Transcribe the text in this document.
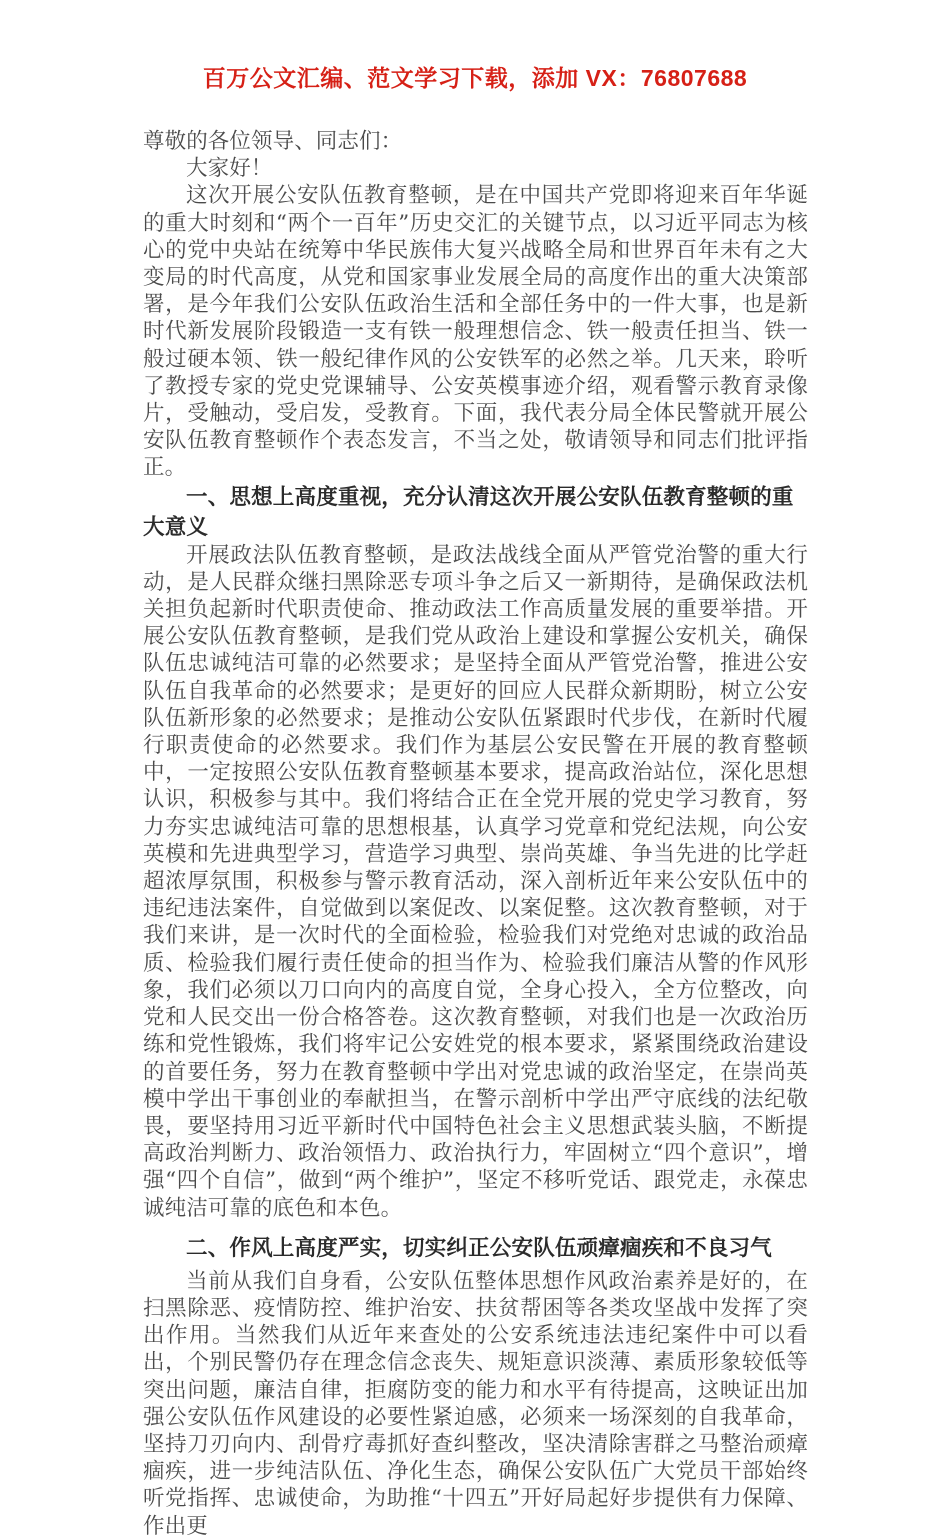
百万公文汇编、范文学习下载，添加 VX：76807688

尊敬的各位领导、同志们：

大家好！

这次开展公安队伍教育整顿，是在中国共产党即将迎来百年华诞的重大时刻和“两个一百年”历史交汇的关键节点，以习近平同志为核心的党中央站在统筹中华民族伟大复兴战略全局和世界百年未有之大变局的时代高度，从党和国家事业发展全局的高度作出的重大决策部署，是今年我们公安队伍政治生活和全部任务中的一件大事，也是新时代新发展阶段锻造一支有铁一般理想信念、铁一般责任担当、铁一般过硬本领、铁一般纪律作风的公安铁军的必然之举。几天来，聆听了教授专家的党史党课辅导、公安英模事迹介绍，观看警示教育录像片，受触动，受启发，受教育。下面，我代表分局全体民警就开展公安队伍教育整顿作个表态发言，不当之处，敬请领导和同志们批评指正。

一、思想上高度重视，充分认清这次开展公安队伍教育整顿的重大意义

开展政法队伍教育整顿，是政法战线全面从严管党治警的重大行动，是人民群众继扫黑除恶专项斗争之后又一新期待，是确保政法机关担负起新时代职责使命、推动政法工作高质量发展的重要举措。开展公安队伍教育整顿，是我们党从政治上建设和掌握公安机关，确保队伍忠诚纯洁可靠的必然要求；是坚持全面从严管党治警，推进公安队伍自我革命的必然要求；是更好的回应人民群众新期盼，树立公安队伍新形象的必然要求；是推动公安队伍紧跟时代步伐，在新时代履行职责使命的必然要求。我们作为基层公安民警在开展的教育整顿中，一定按照公安队伍教育整顿基本要求，提高政治站位，深化思想认识，积极参与其中。我们将结合正在全党开展的党史学习教育，努力夯实忠诚纯洁可靠的思想根基，认真学习党章和党纪法规，向公安英模和先进典型学习，营造学习典型、崇尚英雄、争当先进的比学赶超浓厚氛围，积极参与警示教育活动，深入剖析近年来公安队伍中的违纪违法案件，自觉做到以案促改、以案促整。这次教育整顿，对于我们来讲，是一次时代的全面检验，检验我们对党绝对忠诚的政治品质、检验我们履行责任使命的担当作为、检验我们廉洁从警的作风形象，我们必须以刀口向内的高度自觉，全身心投入，全方位整改，向党和人民交出一份合格答卷。这次教育整顿，对我们也是一次政治历练和党性锻炼，我们将牢记公安姓党的根本要求，紧紧围绕政治建设的首要任务，努力在教育整顿中学出对党忠诚的政治坚定，在崇尚英模中学出干事创业的奉献担当，在警示剖析中学出严守底线的法纪敬畏，要坚持用习近平新时代中国特色社会主义思想武装头脑，不断提高政治判断力、政治领悟力、政治执行力，牢固树立“四个意识”，增强“四个自信”，做到“两个维护”，坚定不移听党话、跟党走，永葆忠诚纯洁可靠的底色和本色。

二、作风上高度严实，切实纠正公安队伍顽瘴痼疾和不良习气

当前从我们自身看，公安队伍整体思想作风政治素养是好的，在扫黑除恶、疫情防控、维护治安、扶贫帮困等各类攻坚战中发挥了突出作用。当然我们从近年来查处的公安系统违法违纪案件中可以看出，个别民警仍存在理念信念丧失、规矩意识淡薄、素质形象较低等突出问题，廉洁自律，拒腐防变的能力和水平有待提高，这映证出加强公安队伍作风建设的必要性紧迫感，必须来一场深刻的自我革命，坚持刀刃向内、刮骨疗毒抓好查纠整改，坚决清除害群之马整治顽瘴痼疾，进一步纯洁队伍、净化生态，确保公安队伍广大党员干部始终听党指挥、忠诚使命，为助推“十四五”开好局起好步提供有力保障、作出更
